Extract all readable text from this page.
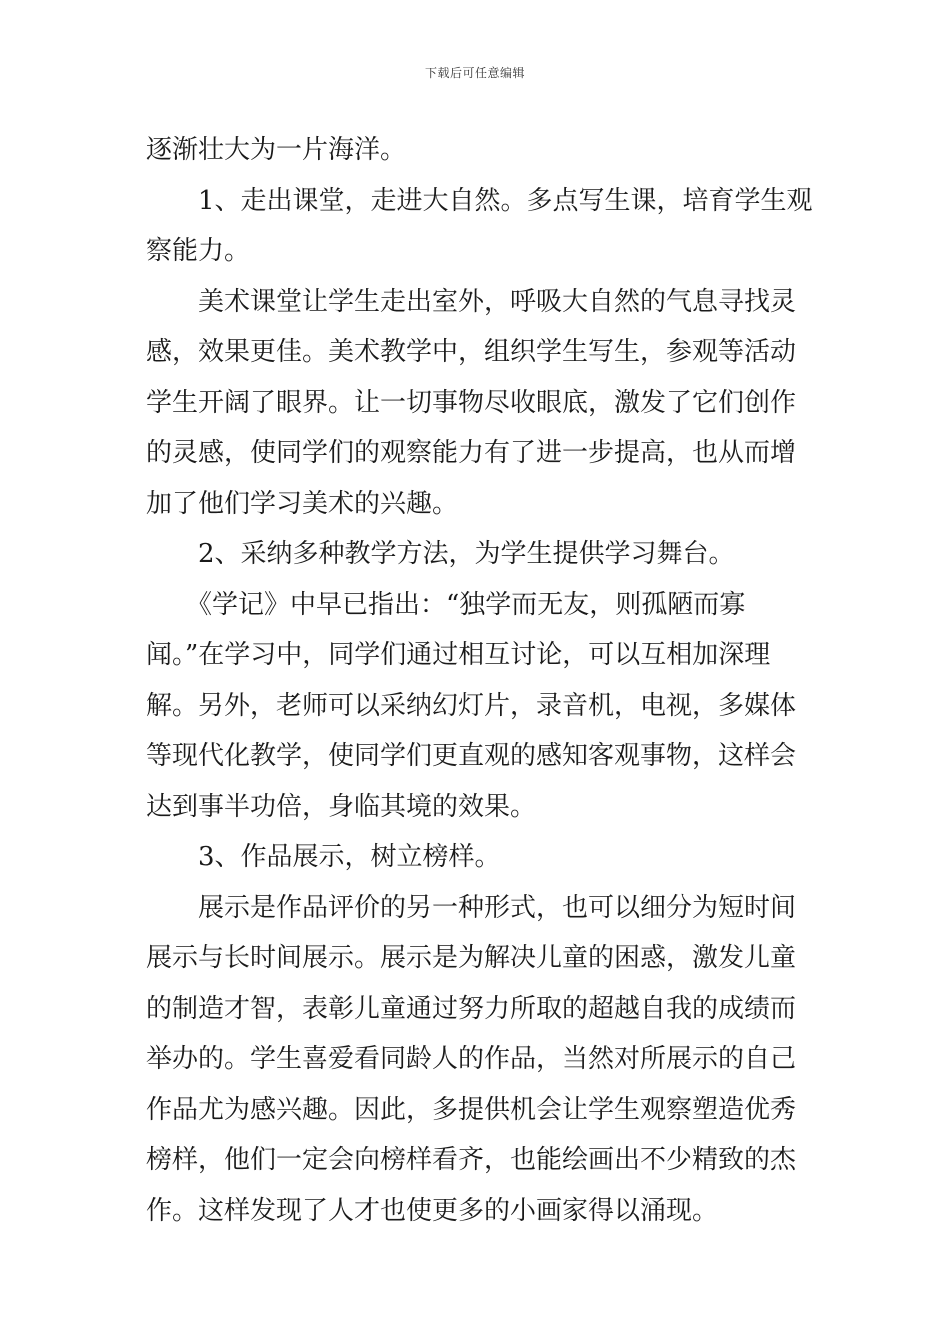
下载后可任意编辑
逐渐壮大为一片海洋。
1、走出课堂，走进大自然。多点写生课，培育学生观
察能力。
美术课堂让学生走出室外，呼吸大自然的气息寻找灵
感，效果更佳。美术教学中，组织学生写生，参观等活动
学生开阔了眼界。让一切事物尽收眼底，激发了它们创作
的灵感，使同学们的观察能力有了进一步提高，也从而增
加了他们学习美术的兴趣。
2、采纳多种教学方法，为学生提供学习舞台。
《学记》中早已指出：“独学而无友，则孤陋而寡
闻。”在学习中，同学们通过相互讨论，可以互相加深理
解。另外，老师可以采纳幻灯片，录音机，电视，多媒体
等现代化教学，使同学们更直观的感知客观事物，这样会
达到事半功倍，身临其境的效果。
3、作品展示，树立榜样。
展示是作品评价的另一种形式，也可以细分为短时间
展示与长时间展示。展示是为解决儿童的困惑，激发儿童
的制造才智，表彰儿童通过努力所取的超越自我的成绩而
举办的。学生喜爱看同龄人的作品，当然对所展示的自己
作品尤为感兴趣。因此，多提供机会让学生观察塑造优秀
榜样，他们一定会向榜样看齐，也能绘画出不少精致的杰
作。这样发现了人才也使更多的小画家得以涌现。
